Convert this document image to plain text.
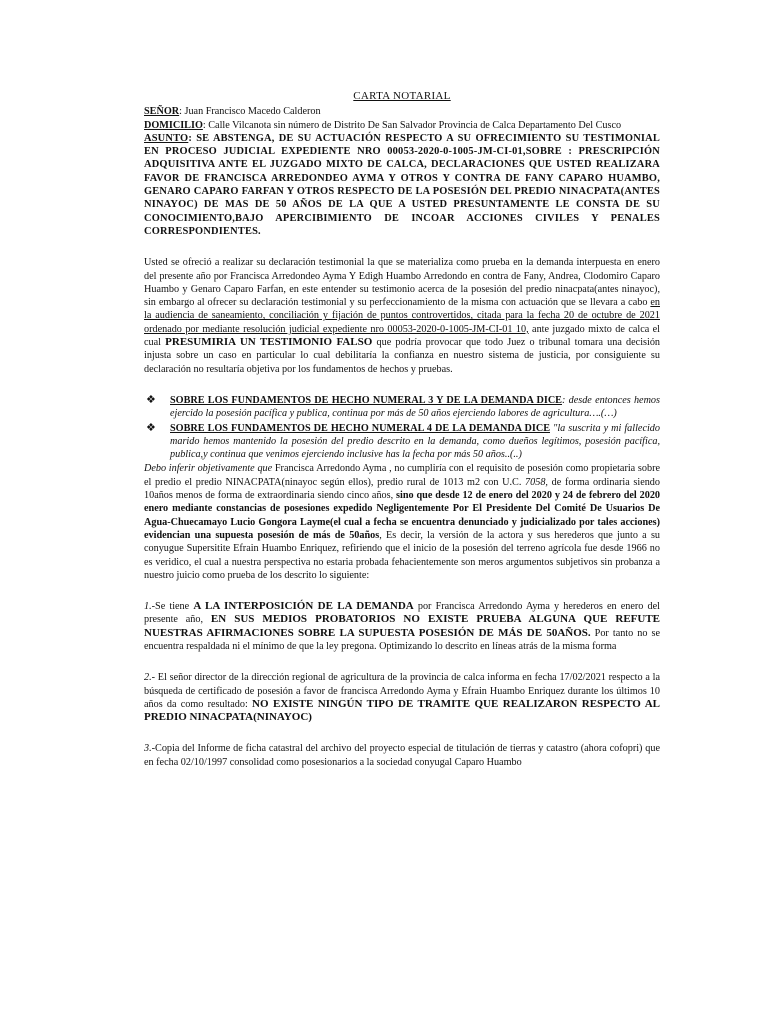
CARTA NOTARIAL

SEÑOR: Juan Francisco Macedo Calderon

DOMICILIO: Calle Vilcanota sin número de Distrito De San Salvador Provincia de Calca Departamento Del Cusco

ASUNTO: SE ABSTENGA, DE SU ACTUACIÓN RESPECTO A SU OFRECIMIENTO SU TESTIMONIAL EN PROCESO JUDICIAL EXPEDIENTE NRO 00053-2020-0-1005-JM-CI-01,SOBRE : PRESCRIPCIÓN ADQUISITIVA ANTE EL JUZGADO MIXTO DE CALCA, DECLARACIONES QUE USTED REALIZARA FAVOR DE FRANCISCA ARREDONDEO AYMA Y OTROS Y CONTRA DE FANY CAPARO HUAMBO, GENARO CAPARO FARFAN Y OTROS RESPECTO DE LA POSESIÓN DEL PREDIO NINACPATA(ANTES NINAYOC) DE MAS DE 50 AÑOS DE LA QUE A USTED PRESUNTAMENTE LE CONSTA DE SU CONOCIMIENTO,BAJO APERCIBIMIENTO DE INCOAR ACCIONES CIVILES Y PENALES CORRESPONDIENTES.

Usted se ofreció a realizar su declaración testimonial la que se materializa como prueba en la demanda interpuesta en enero del presente año por Francisca Arredondeo Ayma Y Edigh Huambo Arredondo en contra de Fany, Andrea, Clodomiro Caparo Huambo y Genaro Caparo Farfan, en este entender su testimonio acerca de la posesión del predio ninacpata(antes ninayoc), sin embargo al ofrecer su declaración testimonial y su perfeccionamiento de la misma con actuación que se llevara a cabo en la audiencia de saneamiento, conciliación y fijación de puntos controvertidos, citada para la fecha 20 de octubre de 2021 ordenado por mediante resolución judicial expediente nro 00053-2020-0-1005-JM-CI-01 10, ante juzgado mixto de calca el cual PRESUMIRIA UN TESTIMONIO FALSO que podría provocar que todo Juez o tribunal tomara una decisión injusta sobre un caso en particular lo cual debilitaría la confianza en nuestro sistema de justicia, por consiguiente su declaración no resultaría objetiva por los fundamentos de hechos y pruebas.

❖ SOBRE LOS FUNDAMENTOS DE HECHO NUMERAL 3 Y DE LA DEMANDA DICE: desde entonces hemos ejercido la posesión pacífica y publica, continua por más de 50 años ejerciendo labores de agricultura….(…)
❖ SOBRE LOS FUNDAMENTOS DE HECHO NUMERAL 4 DE LA DEMANDA DICE "la suscrita y mi fallecido marido hemos mantenido la posesión del predio descrito en la demanda, como dueños legítimos, posesión pacífica, publica,y continua que venimos ejerciendo inclusive has la fecha por más 50 años..(..)

Debo inferir objetivamente que Francisca Arredondo Ayma , no cumpliría con el requisito de posesión como propietaria sobre el predio el predio NINACPATA(ninayoc según ellos), predio rural de 1013 m2 con U.C. 7058, de forma ordinaria siendo 10años menos de forma de extraordinaria siendo cinco años, sino que desde 12 de enero del 2020 y 24 de febrero del 2020 enero mediante constancias de posesiones expedido Negligentemente Por El Presidente Del Comité De Usuarios De Agua-Chuecamayo Lucio Gongora Layme(el cual a fecha se encuentra denunciado y judicializado por tales acciones) evidencian una supuesta posesión de más de 50años, Es decir, la versión de la actora y sus herederos que junto a su conyugue Supersitite Efrain Huambo Enriquez, refiriendo que el inicio de la posesión del terreno agrícola fue desde 1966 no es veridico, el cual a nuestra perspectiva no estaria probada fehacientemente son meros argumentos subjetivos sin probanza a nuestro juicio como prueba de los descrito lo siguiente:

1.-Se tiene A LA INTERPOSICIÓN DE LA DEMANDA por Francisca Arredondo Ayma y herederos en enero del presente año, EN SUS MEDIOS PROBATORIOS NO EXISTE PRUEBA ALGUNA QUE REFUTE NUESTRAS AFIRMACIONES SOBRE LA SUPUESTA POSESIÓN DE MÁS DE 50AÑOS. Por tanto no se encuentra respaldada ni el mínimo de que la ley pregona. Optimizando lo descrito en líneas atrás de la misma forma

2.- El señor director de la dirección regional de agricultura de la provincia de calca informa en fecha 17/02/2021 respecto a la búsqueda de certificado de posesión a favor de francisca Arredondo Ayma y Efrain Huambo Enriquez durante los últimos 10 años da como resultado: NO EXISTE NINGÚN TIPO DE TRAMITE QUE REALIZARON RESPECTO AL PREDIO NINACPATA(NINAYOC)

3.-Copia del Informe de ficha catastral del archivo del proyecto especial de titulación de tierras y catastro (ahora cofopri) que en fecha 02/10/1997 consolidad como posesionarios a la sociedad conyugal Caparo Huambo
